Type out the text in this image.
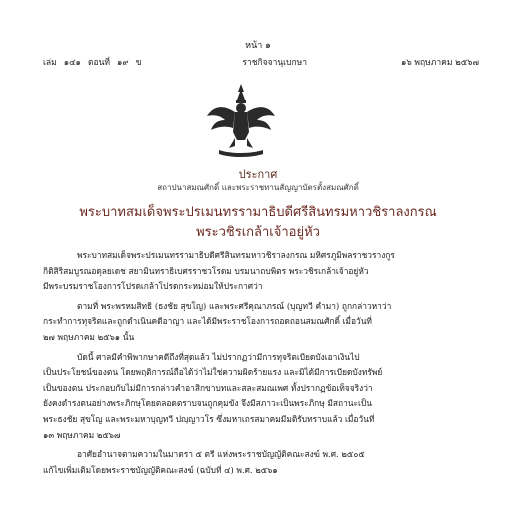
หน้า ๑
เล่ม ๑๔๑ ตอนที่ ๑๙ ข	ราชกิจจานุเบกษา	๑๖ พฤษภาคม ๒๕๖๗
ประกาศ
สถาปนาสมณศักดิ์ และพระราชทานสัญญาบัตรตั้งสมณศักดิ์
พระบาทสมเด็จพระปรเมนทรรามาธิบดีศรีสินทรมหาวชิราลงกรณ
พระวชิรเกล้าเจ้าอยู่หัว

พระบาทสมเด็จพระปรเมนทรรามาธิบดีศรีสินทรมหาวชิราลงกรณ มหิศรภูมิพลราชวรางกูร

กิติสิริสมบูรณอดุลยเดช สยามินทราธิเบศรราชวโรดม บรมนาถบพิตร พระวชิรเกล้าเจ้าอยู่หัว

มีพระบรมราชโองการโปรดเกล้าโปรดกระหม่อมให้ประกาศว่า

ตามที่ พระพรหมสิทธิ (ธงชัย สุขโญ) และพระศรีคุณาภรณ์ (บุญทวี คำมา) ถูกกล่าวหาว่า

กระทำการทุจริตและถูกดำเนินคดีอาญา และได้มีพระราชโองการถอดถอนสมณศักดิ์ เมื่อวันที่

๒๗ พฤษภาคม ๒๕๖๑ นั้น

บัดนี้ ศาลมีคำพิพากษาคดีถึงที่สุดแล้ว ไม่ปรากฏว่ามีการทุจริตเบียดบังเอาเงินไป

เป็นประโยชน์ของตน โดยพฤติการณ์ถือได้ว่าไม่ใช่ความผิดร้ายแรง และมิได้มีการเบียดบังทรัพย์

เป็นของตน ประกอบกับไม่มีการกล่าวคำอาสิกขาบทและสละสมณเพศ ทั้งปรากฏข้อเท็จจริงว่า

ยังคงดำรงตนอย่างพระภิกษุโดยตลอดตราบจนถูกคุมขัง จึงมีสภาวะเป็นพระภิกษุ มีสถานะเป็น

พระธงชัย สุขโญ และพระมหาบุญทวี ปญฺญาวโร ซึ่งมหาเถรสมาคมมีมติรับทราบแล้ว เมื่อวันที่

๑๓ พฤษภาคม ๒๕๖๗

อาศัยอำนาจตามความในมาตรา ๕ ตรี แห่งพระราชบัญญัติคณะสงฆ์ พ.ศ. ๒๕๐๕

แก้ไขเพิ่มเติมโดยพระราชบัญญัติคณะสงฆ์ (ฉบับที่ ๔) พ.ศ. ๒๕๖๑
